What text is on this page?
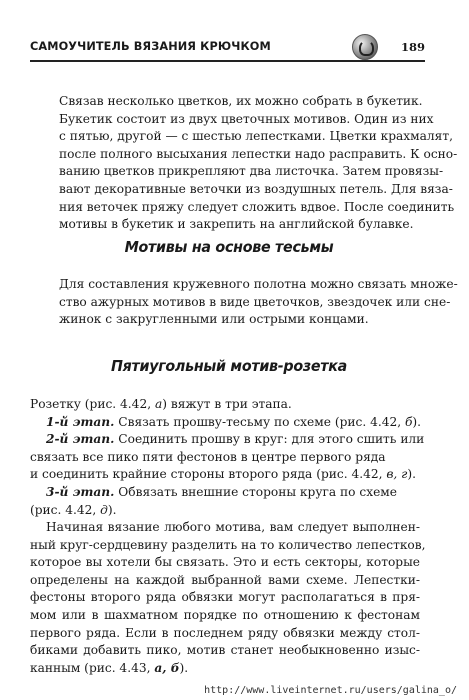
САМОУЧИТЕЛЬ ВЯЗАНИЯ КРЮЧКОМ	189
Связав несколько цветков, их можно собрать в букетик.
Букетик состоит из двух цветочных мотивов. Один из них
с пятью, другой — с шестью лепестками. Цветки крахмалят,
после полного высыхания лепестки надо расправить. К осно-
ванию цветков прикрепляют два листочка. Затем провязы-
вают декоративные веточки из воздушных петель. Для вяза-
ния веточек пряжу следует сложить вдвое. После соединить
мотивы в букетик и закрепить на английской булавке.
Мотивы на основе тесьмы
Для составления кружевного полотна можно связать множе-
ство ажурных мотивов в виде цветочков, звездочек или сне-
жинок с закругленными или острыми концами.
Пятиугольный мотив-розетка
Розетку (рис. 4.42, а) вяжут в три этапа.
1-й этап. Связать прошву-тесьму по схеме (рис. 4.42, б).
2-й этап. Соединить прошву в круг: для этого сшить или
связать все пико пяти фестонов в центре первого ряда
и соединить крайние стороны второго ряда (рис. 4.42, в, г).
3-й этап. Обвязать внешние стороны круга по схеме
(рис. 4.42, д).
Начиная вязание любого мотива, вам следует выполнен-
ный круг-сердцевину разделить на то количество лепестков,
которое вы хотели бы связать. Это и есть секторы, которые
определены на каждой выбранной вами схеме. Лепестки-
фестоны второго ряда обвязки могут располагаться в пря-
мом или в шахматном порядке по отношению к фестонам
первого ряда. Если в последнем ряду обвязки между стол-
биками добавить пико, мотив станет необыкновенно изыс-
канным (рис. 4.43, а, б).
http://www.liveinternet.ru/users/galina_o/
